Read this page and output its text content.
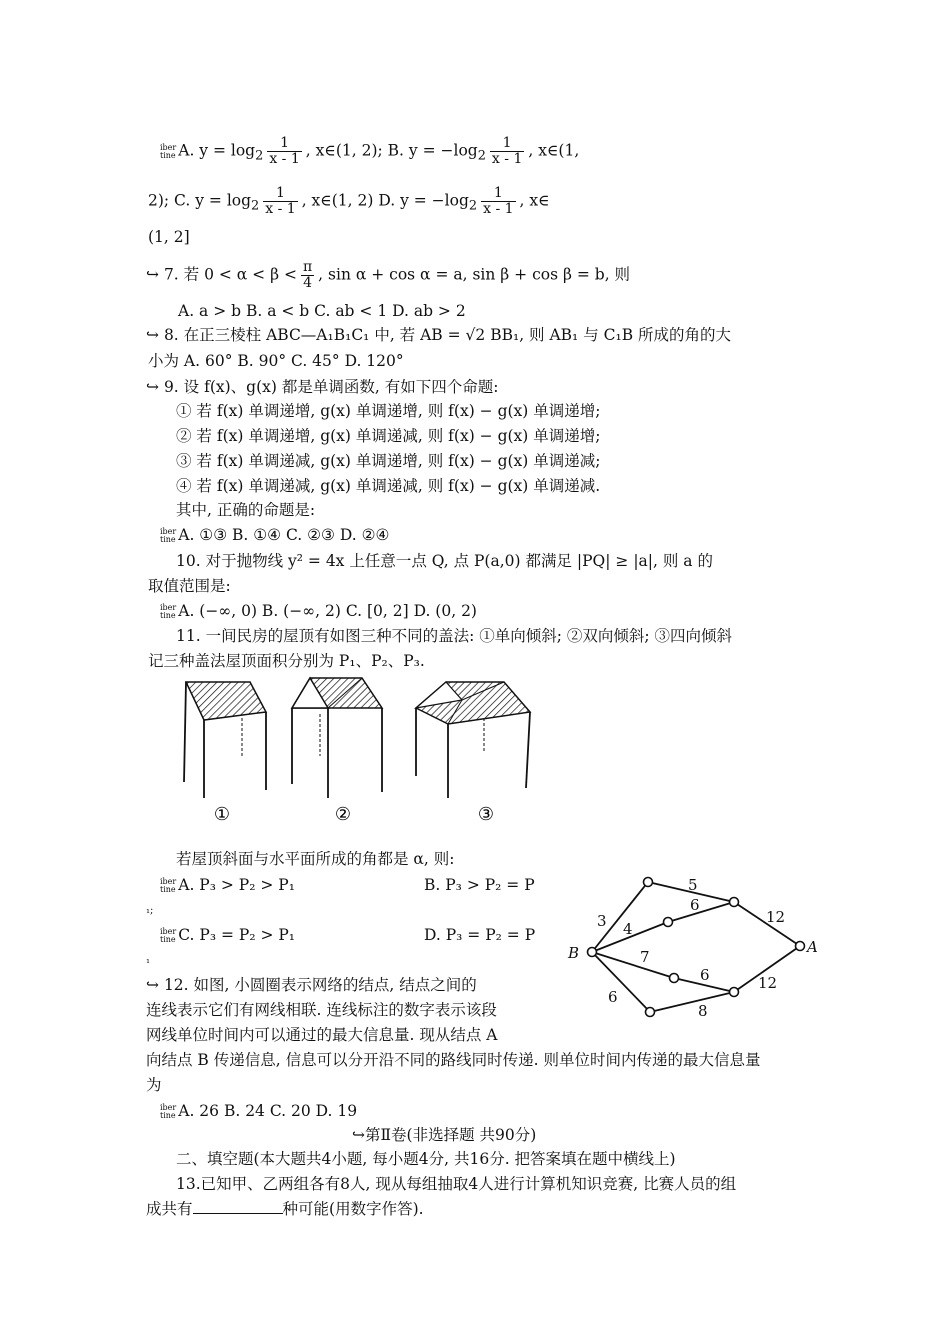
iber
tine A. $y = \log_2 \frac{1}{x - 1}$ , x∈(1, 2); B. $y = -\log_2 \frac{1}{x - 1}$ , x∈(1,
2); C. $y = \log_2 \frac{1}{x - 1}$ , x∈(1, 2) D. $y = -\log_2 \frac{1}{x - 1}$ , x∈
(1, 2]
↪ 7. 若 $0 < \alpha < \beta < \frac{\pi}{4}$ , sin α + cos α = a, sin β + cos β = b, 则
A. a > b B. a < b C. ab < 1 D. ab > 2
↪ 8. 在正三棱柱 ABC—A₁B₁C₁ 中, 若 AB = √2 BB₁, 则 AB₁ 与 C₁B 所成的角的大
小为 A. 60° B. 90° C. 45° D. 120°
↪ 9. 设 f(x)、g(x) 都是单调函数, 有如下四个命题:
① 若 f(x) 单调递增, g(x) 单调递增, 则 f(x) − g(x) 单调递增;
② 若 f(x) 单调递增, g(x) 单调递减, 则 f(x) − g(x) 单调递增;
③ 若 f(x) 单调递减, g(x) 单调递增, 则 f(x) − g(x) 单调递减;
④ 若 f(x) 单调递减, g(x) 单调递减, 则 f(x) − g(x) 单调递减.
其中, 正确的命题是:
iber
tine A. ①③ B. ①④ C. ②③ D. ②④
10. 对于抛物线 y² = 4x 上任意一点 Q, 点 P(a,0) 都满足 |PQ| ≥ |a|, 则 a 的
取值范围是:
iber
tine A. (−∞, 0) B. (−∞, 2) C. [0, 2] D. (0, 2)
11. 一间民房的屋顶有如图三种不同的盖法: ①单向倾斜; ②双向倾斜; ③四向倾斜
记三种盖法屋顶面积分别为 P₁、P₂、P₃.
①	②	③
若屋顶斜面与水平面所成的角都是 α, 则:
iber
tine A. P₃ > P₂ > P₁	B. P₃ > P₂ = P
₁;
iber
tine C. P₃ = P₂ > P₁	D. P₃ = P₂ = P
₁	B	A
3
5
4
6
12
7
6	12
6
8
↪ 12. 如图, 小圆圈表示网络的结点, 结点之间的
连线表示它们有网线相联. 连线标注的数字表示该段
网线单位时间内可以通过的最大信息量. 现从结点 A
向结点 B 传递信息, 信息可以分开沿不同的路线同时传递. 则单位时间内传递的最大信息量
为
iber
tine A. 26 B. 24 C. 20 D. 19
↪第Ⅱ卷(非选择题 共90分)
二、填空题(本大题共4小题, 每小题4分, 共16分. 把答案填在题中横线上)
13.已知甲、乙两组各有8人, 现从每组抽取4人进行计算机知识竞赛, 比赛人员的组
成共有	种可能(用数字作答).
